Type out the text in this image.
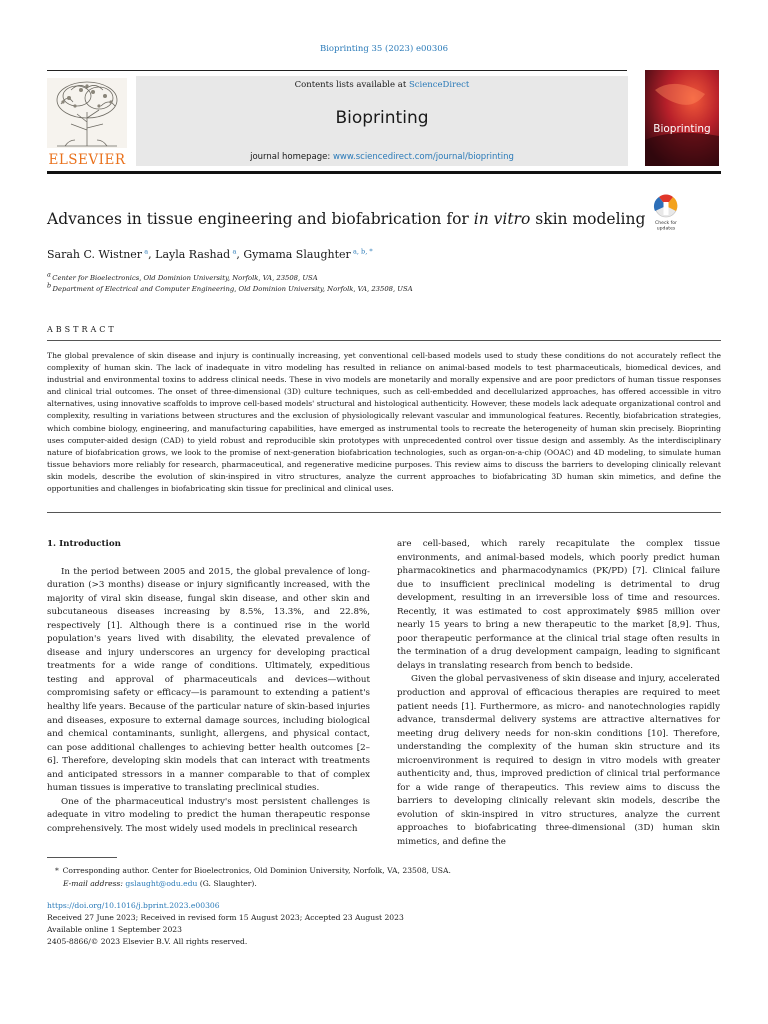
Bioprinting 35 (2023) e00306
ELSEVIER
Contents lists available at ScienceDirect
Bioprinting
journal homepage: www.sciencedirect.com/journal/bioprinting
Bioprinting
Advances in tissue engineering and biofabrication for in vitro skin modeling Check for
updates
Sarah C. Wistner  $^a$, Layla Rashad  $^a$, Gymama Slaughter  $^{a, b, *}$
$^a$ Center for Bioelectronics, Old Dominion University, Norfolk, VA, 23508, USA
$^b$ Department of Electrical and Computer Engineering, Old Dominion University, Norfolk, VA, 23508, USA
ABSTRACT
The global prevalence of skin disease and injury is continually increasing, yet conventional cell-based models used to study these conditions do not accurately reflect the complexity of human skin. The lack of inadequate in vitro modeling has resulted in reliance on animal-based models to test pharmaceuticals, biomedical devices, and industrial and environmental toxins to address clinical needs. These in vivo models are monetarily and morally expensive and are poor predictors of human tissue responses and clinical trial outcomes. The onset of three-dimensional (3D) culture techniques, such as cell-embedded and decellularized approaches, has offered accessible in vitro alternatives, using innovative scaffolds to improve cell-based models' structural and histological authenticity. However, these models lack adequate organizational control and complexity, resulting in variations between structures and the exclusion of physiologically relevant vascular and immunological features. Recently, biofabrication strategies, which combine biology, engineering, and manufacturing capabilities, have emerged as instrumental tools to recreate the heterogeneity of human skin precisely. Bioprinting uses computer-aided design (CAD) to yield robust and reproducible skin prototypes with unprecedented control over tissue design and assembly. As the interdisciplinary nature of biofabrication grows, we look to the promise of next-generation biofabrication technologies, such as organ-on-a-chip (OOAC) and 4D modeling, to simulate human tissue behaviors more reliably for research, pharmaceutical, and regenerative medicine purposes. This review aims to discuss the barriers to developing clinically relevant skin models, describe the evolution of skin-inspired in vitro structures, analyze the current approaches to biofabricating 3D human skin mimetics, and define the opportunities and challenges in biofabricating skin tissue for preclinical and clinical uses.
1. Introduction

In the period between 2005 and 2015, the global prevalence of long-duration (>3 months) disease or injury significantly increased, with the majority of viral skin disease, fungal skin disease, and other skin and subcutaneous diseases increasing by 8.5%, 13.3%, and 22.8%, respectively [1]. Although there is a continued rise in the world population's years lived with disability, the elevated prevalence of disease and injury underscores an urgency for developing practical treatments for a wide range of conditions. Ultimately, expeditious testing and approval of pharmaceuticals and devices—without compromising safety or efficacy—is paramount to extending a patient's healthy life years. Because of the particular nature of skin-based injuries and diseases, exposure to external damage sources, including biological and chemical contaminants, sunlight, allergens, and physical contact, can pose additional challenges to achieving better health outcomes [2–6]. Therefore, developing skin models that can interact with treatments and anticipated stressors in a manner comparable to that of complex human tissues is imperative to translating preclinical studies.

One of the pharmaceutical industry's most persistent challenges is adequate in vitro modeling to predict the human therapeutic response comprehensively. The most widely used models in preclinical research

are cell-based, which rarely recapitulate the complex tissue environments, and animal-based models, which poorly predict human pharmacokinetics and pharmacodynamics (PK/PD) [7]. Clinical failure due to insufficient preclinical modeling is detrimental to drug development, resulting in an irreversible loss of time and resources. Recently, it was estimated to cost approximately $985 million over nearly 15 years to bring a new therapeutic to the market [8,9]. Thus, poor therapeutic performance at the clinical trial stage often results in the termination of a drug development campaign, leading to significant delays in translating research from bench to bedside.

Given the global pervasiveness of skin disease and injury, accelerated production and approval of efficacious therapies are required to meet patient needs [1]. Furthermore, as micro- and nanotechnologies rapidly advance, transdermal delivery systems are attractive alternatives for meeting drug delivery needs for non-skin conditions [10]. Therefore, understanding the complexity of the human skin structure and its microenvironment is required to design in vitro models with greater authenticity and, thus, improved prediction of clinical trial performance for a wide range of therapeutics. This review aims to discuss the barriers to developing clinically relevant skin models, describe the evolution of skin-inspired in vitro structures, analyze the current approaches to biofabricating three-dimensional (3D) human skin mimetics, and define the

*  Corresponding author. Center for Bioelectronics, Old Dominion University, Norfolk, VA, 23508, USA.
E-mail address: gslaught@odu.edu (G. Slaughter).
https://doi.org/10.1016/j.bprint.2023.e00306
Received 27 June 2023; Received in revised form 15 August 2023; Accepted 23 August 2023
Available online 1 September 2023
2405-8866/© 2023 Elsevier B.V. All rights reserved.
